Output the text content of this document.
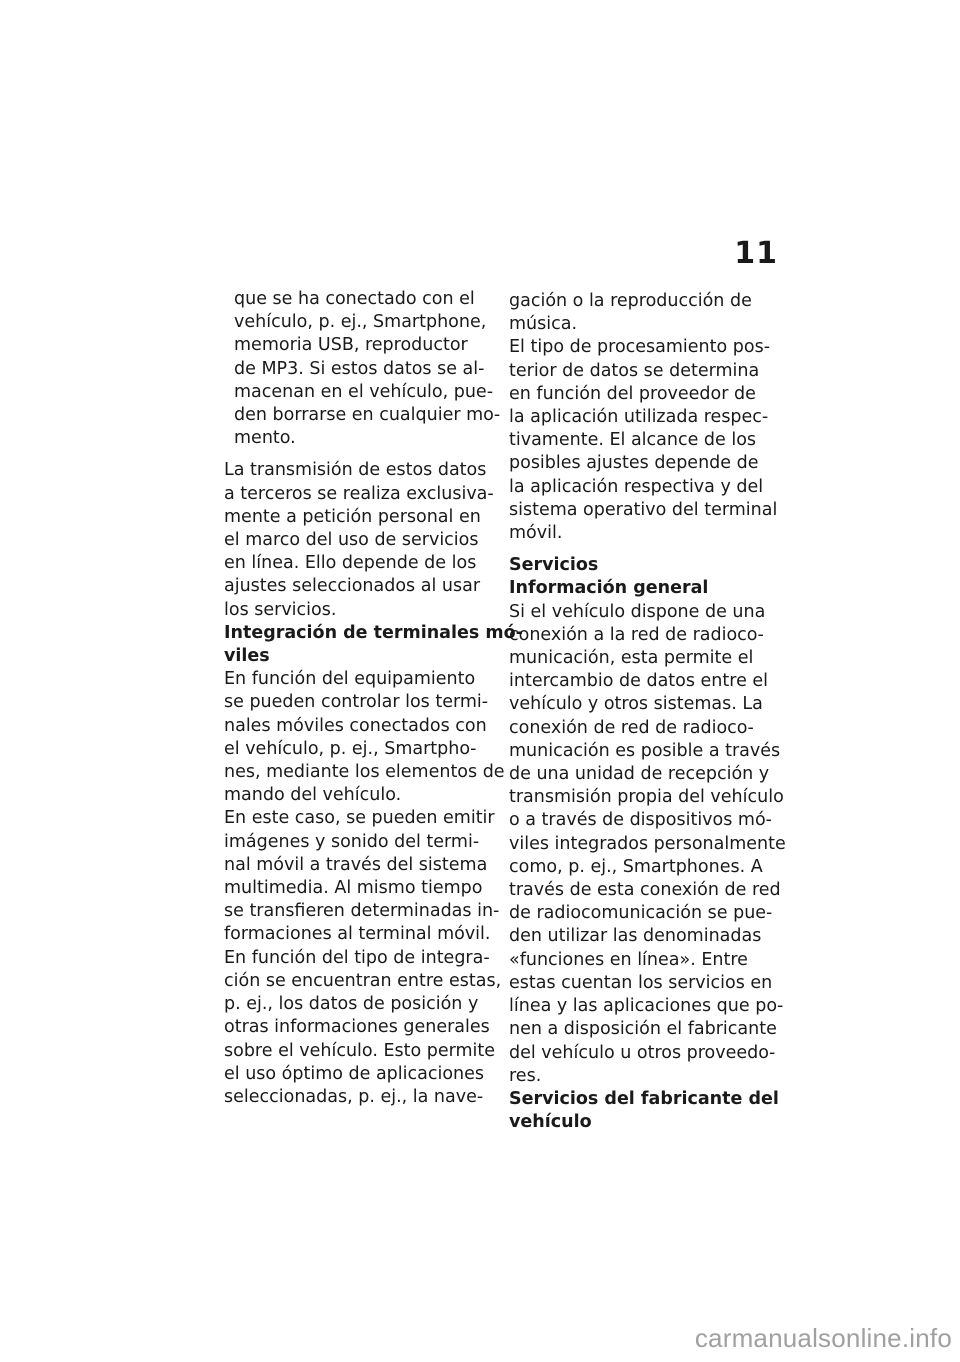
11
que se ha conectado con el
vehículo, p. ej., Smartphone,
memoria USB, reproductor
de MP3. Si estos datos se al‐
macenan en el vehículo, pue‐
den borrarse en cualquier mo‐
mento.
La transmisión de estos datos
a terceros se realiza exclusiva‐
mente a petición personal en
el marco del uso de servicios
en línea. Ello depende de los
ajustes seleccionados al usar
los servicios.
Integración de terminales mó‐
viles
En función del equipamiento
se pueden controlar los termi‐
nales móviles conectados con
el vehículo, p. ej., Smartpho‐
nes, mediante los elementos de
mando del vehículo.
En este caso, se pueden emitir
imágenes y sonido del termi‐
nal móvil a través del sistema
multimedia. Al mismo tiempo
se transfieren determinadas in‐
formaciones al terminal móvil.
En función del tipo de integra‐
ción se encuentran entre estas,
p. ej., los datos de posición y
otras informaciones generales
sobre el vehículo. Esto permite
el uso óptimo de aplicaciones
seleccionadas, p. ej., la nave‐
gación o la reproducción de
música.
El tipo de procesamiento pos‐
terior de datos se determina
en función del proveedor de
la aplicación utilizada respec‐
tivamente. El alcance de los
posibles ajustes depende de
la aplicación respectiva y del
sistema operativo del terminal
móvil.
Servicios
Información general
Si el vehículo dispone de una
conexión a la red de radioco‐
municación, esta permite el
intercambio de datos entre el
vehículo y otros sistemas. La
conexión de red de radioco‐
municación es posible a través
de una unidad de recepción y
transmisión propia del vehículo
o a través de dispositivos mó‐
viles integrados personalmente
como, p. ej., Smartphones. A
través de esta conexión de red
de radiocomunicación se pue‐
den utilizar las denominadas
«funciones en línea». Entre
estas cuentan los servicios en
línea y las aplicaciones que po‐
nen a disposición el fabricante
del vehículo u otros proveedo‐
res.
Servicios del fabricante del
vehículo
carmanualsonline.info
